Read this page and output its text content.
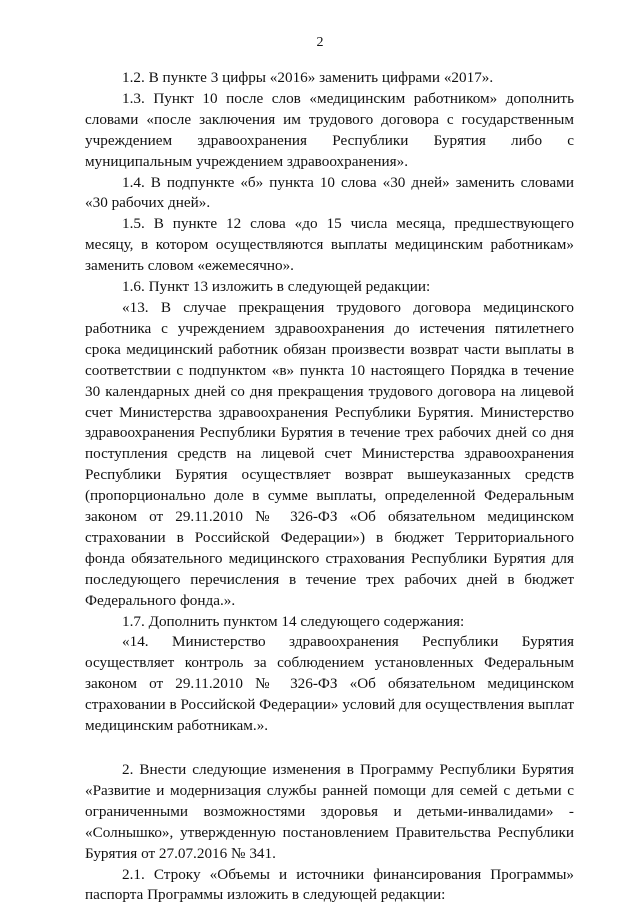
2

1.2. В пункте 3 цифры «2016» заменить цифрами «2017».

1.3. Пункт 10 после слов «медицинским работником» дополнить словами «после заключения им трудового договора с государственным учреждением здравоохранения Республики Бурятия либо с муниципальным учреждением здравоохранения».

1.4. В подпункте «б» пункта 10 слова «30 дней» заменить словами «30 рабочих дней».

1.5. В пункте 12 слова «до 15 числа месяца, предшествующего месяцу, в котором осуществляются выплаты медицинским работникам» заменить словом «ежемесячно».

1.6. Пункт 13 изложить в следующей редакции:

«13. В случае прекращения трудового договора медицинского работника с учреждением здравоохранения до истечения пятилетнего срока медицинский работник обязан произвести возврат части выплаты в соответствии с подпунктом «в» пункта 10 настоящего Порядка в течение 30 календарных дней со дня прекращения трудового договора на лицевой счет Министерства здравоохранения Республики Бурятия. Министерство здравоохранения Республики Бурятия в течение трех рабочих дней со дня поступления средств на лицевой счет Министерства здравоохранения Республики Бурятия осуществляет возврат вышеуказанных средств (пропорционально доле в сумме выплаты, определенной Федеральным законом от 29.11.2010 № 326-ФЗ «Об обязательном медицинском страховании в Российской Федерации») в бюджет Территориального фонда обязательного медицинского страхования Республики Бурятия для последующего перечисления в течение трех рабочих дней в бюджет Федерального фонда.».

1.7. Дополнить пунктом 14 следующего содержания:

«14. Министерство здравоохранения Республики Бурятия осуществляет контроль за соблюдением установленных Федеральным законом от 29.11.2010 № 326-ФЗ «Об обязательном медицинском страховании в Российской Федерации» условий для осуществления выплат медицинским работникам.».

2. Внести следующие изменения в Программу Республики Бурятия «Развитие и модернизация службы ранней помощи для семей с детьми с ограниченными возможностями здоровья и детьми-инвалидами» - «Солнышко», утвержденную постановлением Правительства Республики Бурятия от 27.07.2016 № 341.

2.1. Строку «Объемы и источники финансирования Программы» паспорта Программы изложить в следующей редакции:
